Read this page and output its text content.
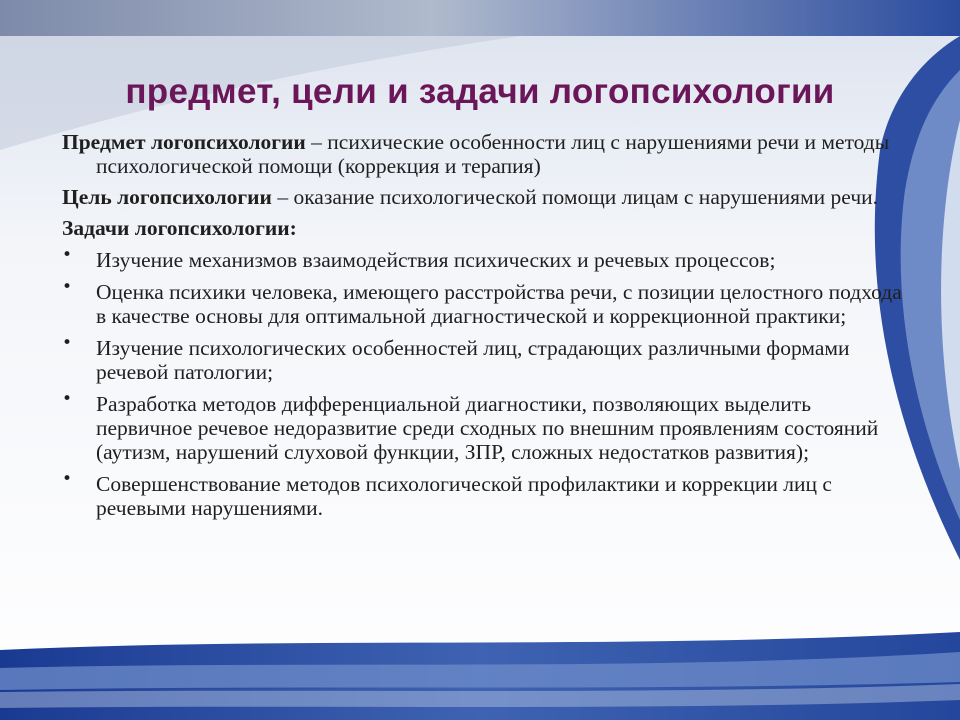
предмет, цели и задачи логопсихологии

Предмет логопсихологии – психические особенности лиц с нарушениями речи и методы психологической помощи (коррекция и терапия)

Цель логопсихологии – оказание психологической помощи лицам с нарушениями речи.

Задачи логопсихологии:

• Изучение механизмов взаимодействия психических и речевых процессов;
• Оценка психики человека, имеющего расстройства речи, с позиции целостного подхода в качестве основы для оптимальной диагностической и коррекционной практики;
• Изучение психологических особенностей лиц, страдающих различными формами речевой патологии;
• Разработка методов дифференциальной диагностики, позволяющих выделить первичное речевое недоразвитие среди сходных по внешним проявлениям состояний (аутизм, нарушений слуховой функции, ЗПР, сложных недостатков развития);
• Совершенствование методов психологической профилактики и коррекции лиц с речевыми нарушениями.
